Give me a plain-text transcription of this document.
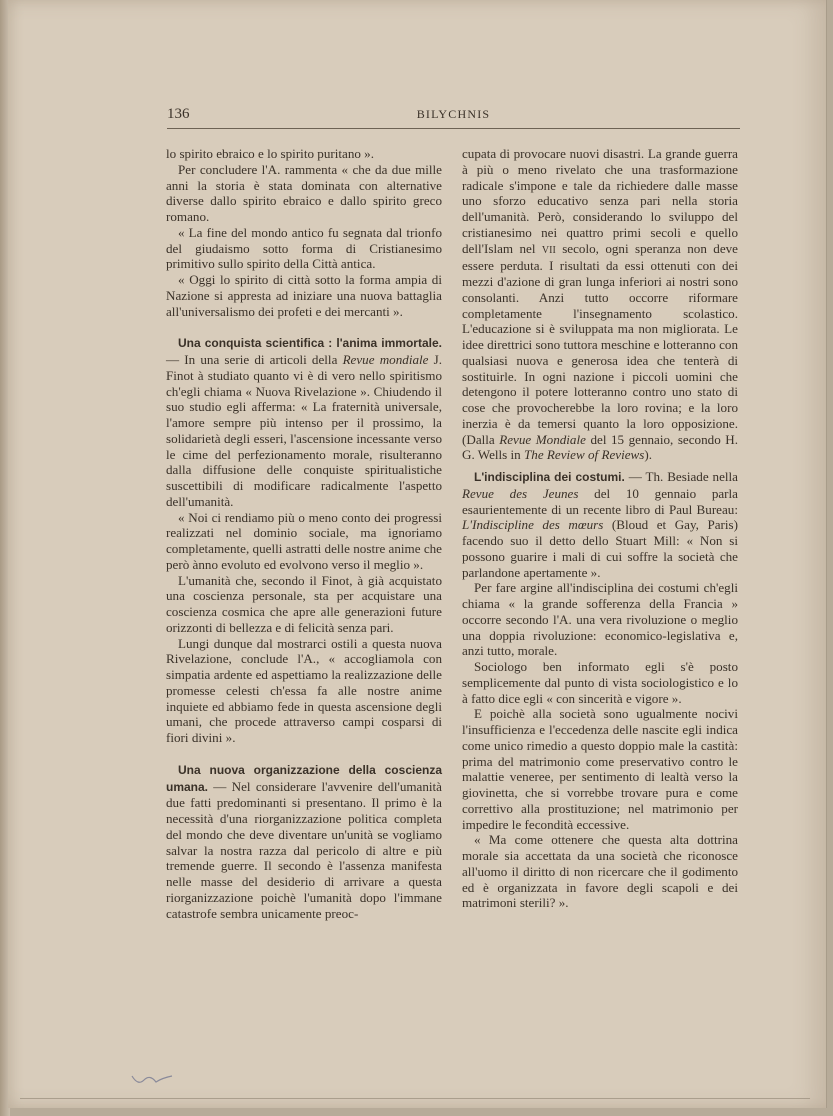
136	BILYCHNIS

lo spirito ebraico e lo spirito puritano ».

Per concludere l'A. rammenta « che da due mille anni la storia è stata dominata con alternative diverse dallo spirito ebraico e dallo spirito greco romano.

« La fine del mondo antico fu segnata dal trionfo del giudaismo sotto forma di Cristianesimo primitivo sullo spirito della Città antica.

« Oggi lo spirito di città sotto la forma ampia di Nazione si appresta ad iniziare una nuova battaglia all'universalismo dei profeti e dei mercanti ».

Una conquista scientifica : l'anima immortale. — In una serie di articoli della Revue mondiale J. Finot à studiato quanto vi è di vero nello spiritismo ch'egli chiama « Nuova Rivelazione ». Chiudendo il suo studio egli afferma: « La fraternità universale, l'amore sempre più intenso per il prossimo, la solidarietà degli esseri, l'ascensione incessante verso le cime del perfezionamento morale, risulteranno dalla diffusione delle conquiste spiritualistiche suscettibili di modificare radicalmente l'aspetto dell'umanità.

« Noi ci rendiamo più o meno conto dei progressi realizzati nel dominio sociale, ma ignoriamo completamente, quelli astratti delle nostre anime che però ànno evoluto ed evolvono verso il meglio ».

L'umanità che, secondo il Finot, à già acquistato una coscienza personale, sta per acquistare una coscienza cosmica che apre alle generazioni future orizzonti di bellezza e di felicità senza pari.

Lungi dunque dal mostrarci ostili a questa nuova Rivelazione, conclude l'A., « accogliamola con simpatia ardente ed aspettiamo la realizzazione delle promesse celesti ch'essa fa alle nostre anime inquiete ed abbiamo fede in questa ascensione degli umani, che procede attraverso campi cosparsi di fiori divini ».

Una nuova organizzazione della coscienza umana. — Nel considerare l'avvenire dell'umanità due fatti predominanti si presentano. Il primo è la necessità d'una riorganizzazione politica completa del mondo che deve diventare un'unità se vogliamo salvar la nostra razza dal pericolo di altre e più tremende guerre. Il secondo è l'assenza manifesta nelle masse del desiderio di arrivare a questa riorganizzazione poichè l'umanità dopo l'immane catastrofe sembra unicamente preoc-

cupata di provocare nuovi disastri. La grande guerra à più o meno rivelato che una trasformazione radicale s'impone e tale da richiedere dalle masse uno sforzo educativo senza pari nella storia dell'umanità. Però, considerando lo sviluppo del cristianesimo nei quattro primi secoli e quello dell'Islam nel VII secolo, ogni speranza non deve essere perduta. I risultati da essi ottenuti con dei mezzi d'azione di gran lunga inferiori ai nostri sono consolanti. Anzi tutto occorre riformare completamente l'insegnamento scolastico. L'educazione si è sviluppata ma non migliorata. Le idee direttrici sono tuttora meschine e lotteranno con qualsiasi nuova e generosa idea che tenterà di sostituirle. In ogni nazione i piccoli uomini che detengono il potere lotteranno contro uno stato di cose che provocherebbe la loro rovina; e la loro inerzia è da temersi quanto la loro opposizione. (Dalla Revue Mondiale del 15 gennaio, secondo H. G. Wells in The Review of Reviews).

L'indisciplina dei costumi. — Th. Besiade nella Revue des Jeunes del 10 gennaio parla esaurientemente di un recente libro di Paul Bureau: L'Indiscipline des mœurs (Bloud et Gay, Paris) facendo suo il detto dello Stuart Mill: « Non si possono guarire i mali di cui soffre la società che parlandone apertamente ».

Per fare argine all'indisciplina dei costumi ch'egli chiama « la grande sofferenza della Francia » occorre secondo l'A. una vera rivoluzione o meglio una doppia rivoluzione: economico-legislativa e, anzi tutto, morale.

Sociologo ben informato egli s'è posto semplicemente dal punto di vista sociologistico e lo à fatto dice egli « con sincerità e vigore ».

E poichè alla società sono ugualmente nocivi l'insufficienza e l'eccedenza delle nascite egli indica come unico rimedio a questo doppio male la castità: prima del matrimonio come preservativo contro le malattie veneree, per sentimento di lealtà verso la giovinetta, che si vorrebbe trovare pura e come correttivo alla prostituzione; nel matrimonio per impedire le fecondità eccessive.

« Ma come ottenere che questa alta dottrina morale sia accettata da una società che riconosce all'uomo il diritto di non ricercare che il godimento ed è organizzata in favore degli scapoli e dei matrimoni sterili? ».
